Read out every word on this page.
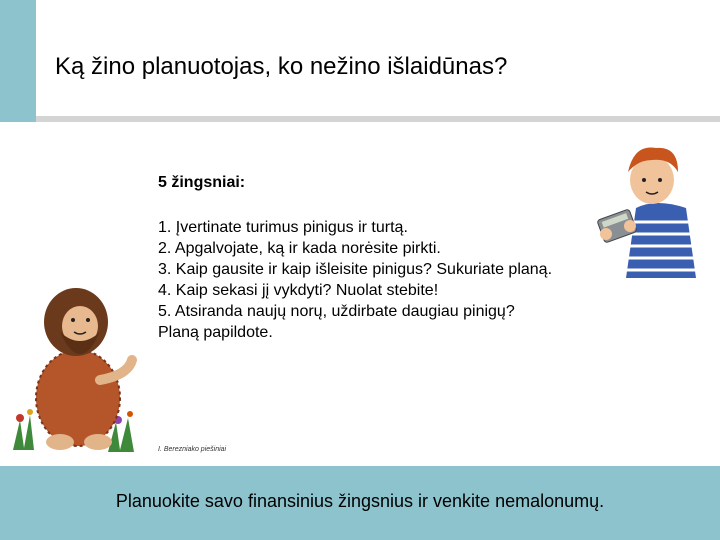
Ką žino planuotojas, ko nežino išlaidūnas?
5 žingsniai:
1. Įvertinate turimus pinigus ir turtą.
2. Apgalvojate, ką ir kada norėsite pirkti.
3. Kaip gausite ir kaip išleisite pinigus? Sukuriate planą.
4. Kaip sekasi jį vykdyti? Nuolat stebite!
5. Atsiranda naujų norų, uždirbate daugiau pinigų?
Planą papildote.
I. Berezniako piešiniai
Planuokite savo finansinius žingsnius ir venkite nemalonumų.
